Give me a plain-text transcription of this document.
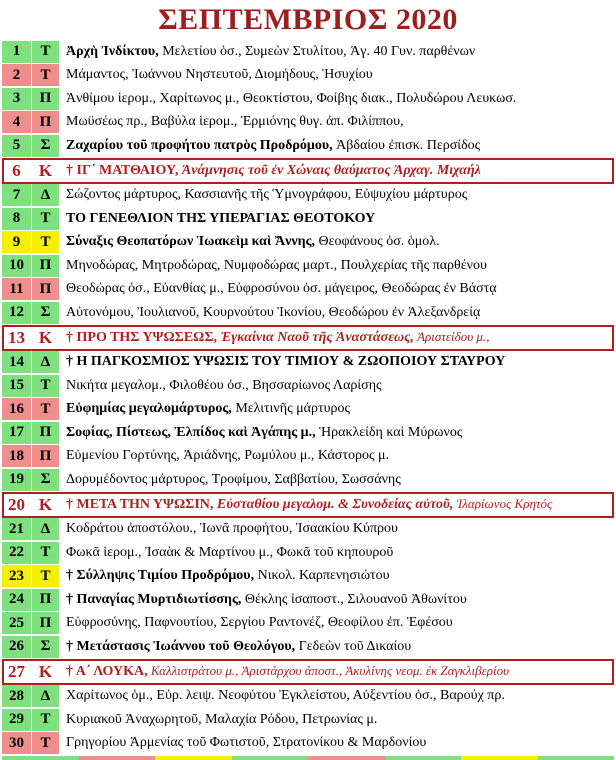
ΣΕΠΤΕΜΒΡΙΟΣ 2020
1	Τ	Ἀρχὴ Ἰνδίκτου, Μελετίου ὁσ., Συμεὼν Στυλίτου, Ἁγ. 40 Γυν. παρθένων
2	Τ	Μάμαντος, Ἰωάννου Νηστευτοῦ, Διομήδους, Ἡσυχίου
3	Π	Ἀνθίμου ἱερομ., Χαρίτωνος μ., Θεοκτίστου, Φοίβης διακ., Πολυδώρου Λευκωσ.
4	Π	Μωϋσέως πρ., Βαβύλα ἱερομ., Ἑρμιόνης θυγ. ἀπ. Φιλίππου,
5	Σ	Ζαχαρίου τοῦ προφήτου πατρὸς Προδρόμου, Ἀβδαίου ἐπισκ. Περσίδος
6	Κ † ΙΓ΄ ΜΑΤΘΑΙΟΥ, Ἀνάμνησις τοῦ ἐν Χώναις θαύματος Ἀρχαγ. Μιχαήλ
7	Δ	Σώζοντος μάρτυρος, Κασσιανῆς τῆς Ὑμνογράφου, Εὐψυχίου μάρτυρος
8	Τ	ΤΟ ΓΕΝΕΘΛΙΟΝ ΤΗΣ ΥΠΕΡΑΓΙΑΣ ΘΕΟΤΟΚΟΥ
9	Τ	Σύναξις Θεοπατόρων Ἰωακεὶμ καὶ Ἄννης, Θεοφάνους ὁσ. ὁμολ.
10	Π	Μηνοδώρας, Μητροδώρας, Νυμφοδώρας μαρτ., Πουλχερίας τῆς παρθένου
11	Π	Θεοδώρας ὁσ., Εὐανθίας μ., Εὐφροσύνου ὁσ. μάγειρος, Θεοδώρας ἐν Βάστᾳ
12	Σ	Αὐτονόμου, Ἰουλιανοῦ, Κουρνούτου Ἰκονίου, Θεοδώρου ἐν Ἀλεξανδρείᾳ
13 Κ † ΠΡΟ ΤΗΣ ΥΨΩΣΕΩΣ, Ἐγκαίνια Ναοῦ τῆς Ἀναστάσεως, Ἀριστείδου μ.,
14	Δ	† Η ΠΑΓΚΟΣΜΙΟΣ ΥΨΩΣΙΣ ΤΟΥ ΤΙΜΙΟΥ & ΖΩΟΠΟΙΟΥ ΣΤΑΥΡΟΥ
15	Τ	Νικήτα μεγαλομ., Φιλοθέου ὁσ., Βησσαρίωνος Λαρίσης
16	Τ	Εὐφημίας μεγαλομάρτυρος, Μελιτινῆς μάρτυρος
17	Π	Σοφίας, Πίστεως, Ἐλπίδος καὶ Ἀγάπης μ., Ἡρακλείδη καὶ Μύρωνος
18	Π	Εὐμενίου Γορτύνης, Ἀριάδνης, Ρωμύλου μ., Κάστορος μ.
19	Σ	Δορυμέδοντος μάρτυρος, Τροφίμου, Σαββατίου, Σωσσάνης
20 Κ † ΜΕΤΑ ΤΗΝ ΥΨΩΣΙΝ, Εὐσταθίου μεγαλομ. & Συνοδείας αὐτοῦ, Ἱλαρίωνος Κρητός
21	Δ	Κοδράτου ἀποστόλου., Ἰωνᾶ προφήτου, Ἰσαακίου Κύπρου
22	Τ	Φωκᾶ ἱερομ., Ἰσαὰκ & Μαρτίνου μ., Φωκᾶ τοῦ κηπουροῦ
23	Τ	† Σύλληψις Τιμίου Προδρόμου, Νικολ. Καρπενησιώτου
24	Π	† Παναγίας Μυρτιδιωτίσσης, Θέκλης ἰσαποστ., Σιλουανοῦ Ἀθωνίτου
25	Π	Εὐφροσύνης, Παφνουτίου, Σεργίου Ραντονέζ, Θεοφίλου ἐπ. Ἐφέσου
26	Σ	† Μετάστασις Ἰωάννου τοῦ Θεολόγου, Γεδεὼν τοῦ Δικαίου
27 Κ † Α΄ ΛΟΥΚΑ, Καλλιστράτου μ., Ἀριστάρχου ἀποστ., Ἀκυλίνης νεομ. ἐκ Ζαγκλιβερίου
28	Δ	Χαρίτωνος ὁμ., Εὐρ. λειψ. Νεοφύτου Ἐγκλείστου, Αὐξεντίου ὁσ., Βαρούχ πρ.
29	Τ	Κυριακοῦ Ἀναχωρητοῦ, Μαλαχία Ρόδου, Πετρωνίας μ.
30	Τ	Γρηγορίου Ἀρμενίας τοῦ Φωτιστοῦ, Στρατονίκου & Μαρδονίου
